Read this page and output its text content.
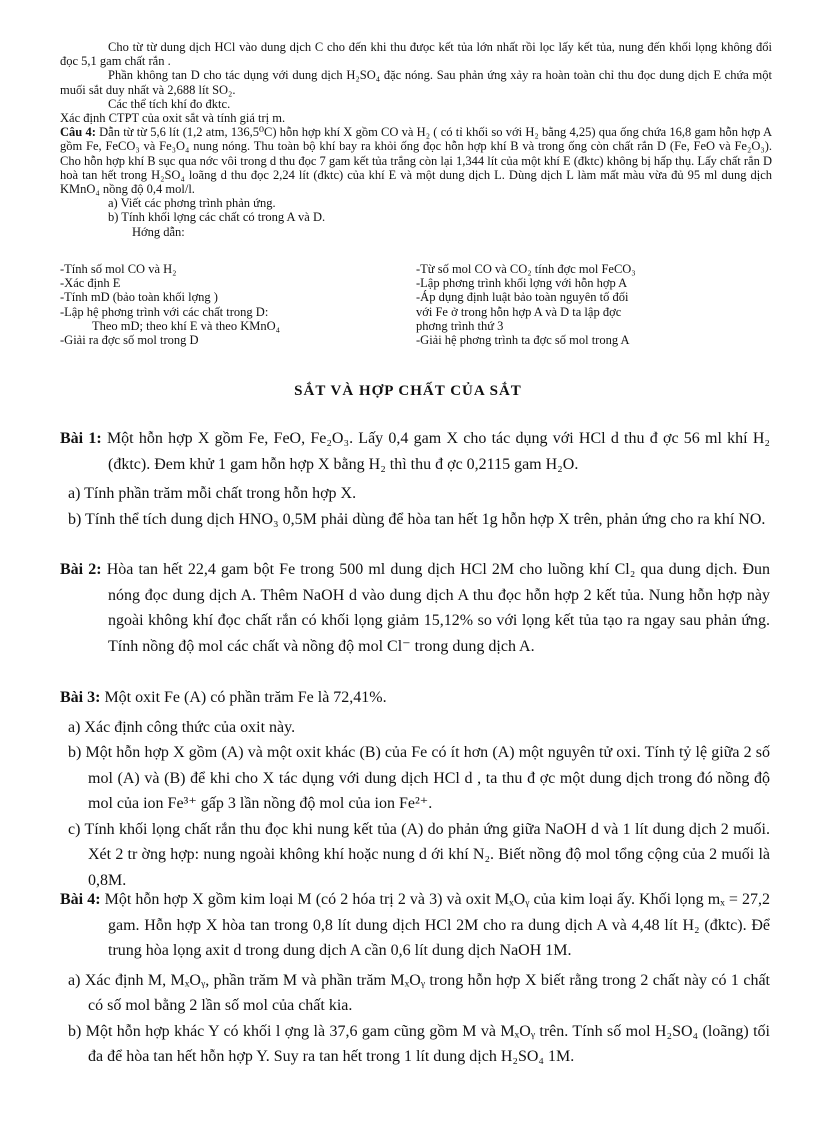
Cho từ từ dung dịch HCl vào dung dịch C cho đến khi thu đưọc kết tủa lớn nhất rồi lọc lấy kết tủa, nung đến khối lọng không đổi đọc 5,1 gam chất rắn .

Phần không tan D cho tác dụng với dung dịch H₂SO₄ đặc nóng. Sau phản ứng xảy ra hoàn toàn chỉ thu đọc dung dịch E chứa một muối sắt duy nhất và 2,688 lít SO₂.

Các thể tích khí đo đktc.

Xác định CTPT của oxit sắt và tính giá trị m.

Câu 4: Dẫn từ từ 5,6 lít (1,2 atm, 136,5⁰C) hỗn hợp khí X gồm CO và H₂ ( có tỉ khối so với H₂ bằng 4,25) qua ống chứa 16,8 gam hỗn hợp A gồm Fe, FeCO₃ và Fe₃O₄ nung nóng. Thu toàn bộ khí bay ra khỏi ống đọc hỗn hợp khí B và trong ống còn chất rắn D (Fe, FeO và Fe₂O₃). Cho hỗn hợp khí B sục qua nớc vôi trong d thu đọc 7 gam kết tủa trắng còn lại 1,344 lít của một khí E (đktc) không bị hấp thụ. Lấy chất rắn D hoà tan hết trong H₂SO₄ loãng d thu đọc 2,24 lít (đktc) của khí E và một dung dịch L. Dùng dịch L làm mất màu vừa đủ 95 ml dung dịch KMnO₄ nồng độ 0,4 mol/l.

a) Viết các phơng trình phản ứng.

b) Tính khối lợng các chất có trong A và D.

Hớng dẫn:

-Tính số mol CO và H₂
-Xác định E
-Tính mD (bảo toàn khối lợng )
-Lập hệ phơng trình với các chất trong D:
Theo mD; theo khí E và theo KMnO₄
-Giải ra đợc số mol trong D
-Từ số mol CO và CO₂ tính đợc mol FeCO₃
-Lập phơng trình khối lợng với hỗn hợp A
-Áp dụng định luật bảo toàn nguyên tố đối
với Fe ở trong hỗn hợp A và D ta lập đợc
phơng trình thứ 3
-Giải hệ phơng trình ta đợc số mol trong A
SẮT VÀ HỢP CHẤT CỦA SẮT

Bài 1: Một hỗn hợp X gồm Fe, FeO, Fe₂O₃. Lấy 0,4 gam X cho tác dụng với HCl d thu đ ợc 56 ml khí H₂ (đktc). Đem khử 1 gam hỗn hợp X bằng H₂ thì thu đ ợc 0,2115 gam H₂O.

a) Tính phần trăm mỗi chất trong hỗn hợp X.

b) Tính thể tích dung dịch HNO₃ 0,5M phải dùng để hòa tan hết 1g hỗn hợp X trên, phản ứng cho ra khí NO.

Bài 2: Hòa tan hết 22,4 gam bột Fe trong 500 ml dung dịch HCl 2M cho luồng khí Cl₂ qua dung dịch. Đun nóng đọc dung dịch A. Thêm NaOH d vào dung dịch A thu đọc hỗn hợp 2 kết tủa. Nung hỗn hợp này ngoài không khí đọc chất rắn có khối lọng giảm 15,12% so với lọng kết tủa tạo ra ngay sau phản ứng. Tính nồng độ mol các chất và nồng độ mol Cl⁻ trong dung dịch A.

Bài 3: Một oxit Fe (A) có phần trăm Fe là 72,41%.

a) Xác định công thức của oxit này.

b) Một hỗn hợp X gồm (A) và một oxit khác (B) của Fe có ít hơn (A) một nguyên tử oxi. Tính tỷ lệ giữa 2 số mol (A) và (B) để khi cho X tác dụng với dung dịch HCl d , ta thu đ ợc một dung dịch trong đó nồng độ mol của ion Fe³⁺ gấp 3 lần nồng độ mol của ion Fe²⁺.

c) Tính khối lọng chất rắn thu đọc khi nung kết tủa (A) do phản ứng giữa NaOH d và 1 lít dung dịch 2 muối. Xét 2 tr ờng hợp: nung ngoài không khí hoặc nung d ới khí N₂. Biết nồng độ mol tổng cộng của 2 muối là 0,8M.

Bài 4: Một hỗn hợp X gồm kim loại M (có 2 hóa trị 2 và 3) và oxit MₓOᵧ của kim loại ấy. Khối lọng mₓ = 27,2 gam. Hỗn hợp X hòa tan trong 0,8 lít dung dịch HCl 2M cho ra dung dịch A và 4,48 lít H₂ (đktc). Để trung hòa lọng axit d trong dung dịch A cần 0,6 lít dung dịch NaOH 1M.

a) Xác định M, MₓOᵧ, phần trăm M và phần trăm MₓOᵧ trong hỗn hợp X biết rằng trong 2 chất này có 1 chất có số mol bằng 2 lần số mol của chất kia.

b) Một hỗn hợp khác Y có khối l ợng là 37,6 gam cũng gồm M và MₓOᵧ trên. Tính số mol H₂SO₄ (loãng) tối đa để hòa tan hết hỗn hợp Y. Suy ra tan hết trong 1 lít dung dịch H₂SO₄ 1M.
